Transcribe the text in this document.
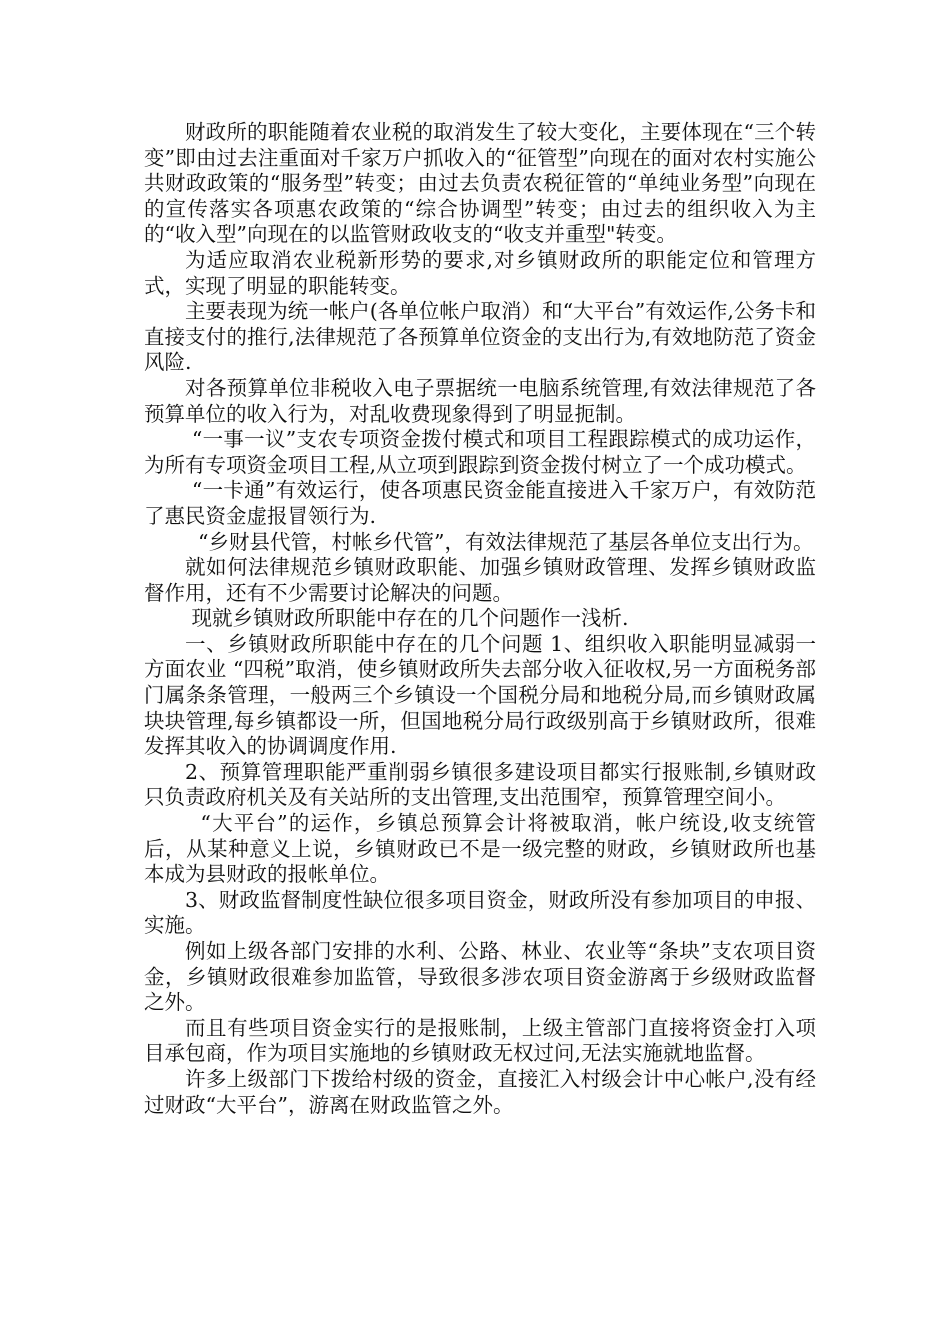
财政所的职能随着农业税的取消发生了较大变化，主要体现在“三个转变”即由过去注重面对千家万户抓收入的“征管型”向现在的面对农村实施公共财政政策的“服务型”转变；由过去负责农税征管的“单纯业务型”向现在的宣传落实各项惠农政策的“综合协调型”转变；由过去的组织收入为主的“收入型”向现在的以监管财政收支的“收支并重型"转变。

为适应取消农业税新形势的要求,对乡镇财政所的职能定位和管理方式，实现了明显的职能转变。

主要表现为统一帐户(各单位帐户取消）和“大平台”有效运作,公务卡和直接支付的推行,法律规范了各预算单位资金的支出行为,有效地防范了资金风险.

对各预算单位非税收入电子票据统一电脑系统管理,有效法律规范了各预算单位的收入行为，对乱收费现象得到了明显扼制。

“一事一议”支农专项资金拨付模式和项目工程跟踪模式的成功运作，为所有专项资金项目工程,从立项到跟踪到资金拨付树立了一个成功模式。

“一卡通”有效运行，使各项惠民资金能直接进入千家万户，有效防范了惠民资金虚报冒领行为.

“乡财县代管，村帐乡代管”，有效法律规范了基层各单位支出行为。

就如何法律规范乡镇财政职能、加强乡镇财政管理、发挥乡镇财政监督作用，还有不少需要讨论解决的问题。

现就乡镇财政所职能中存在的几个问题作一浅析.

一、乡镇财政所职能中存在的几个问题 1、组织收入职能明显减弱一方面农业 “四税”取消，使乡镇财政所失去部分收入征收权,另一方面税务部门属条条管理，一般两三个乡镇设一个国税分局和地税分局,而乡镇财政属块块管理,每乡镇都设一所，但国地税分局行政级别高于乡镇财政所，很难发挥其收入的协调调度作用.

2、预算管理职能严重削弱乡镇很多建设项目都实行报账制,乡镇财政只负责政府机关及有关站所的支出管理,支出范围窄，预算管理空间小。

“大平台”的运作，乡镇总预算会计将被取消，帐户统设,收支统管后，从某种意义上说，乡镇财政已不是一级完整的财政，乡镇财政所也基本成为县财政的报帐单位。

3、财政监督制度性缺位很多项目资金，财政所没有参加项目的申报、实施。

例如上级各部门安排的水利、公路、林业、农业等“条块”支农项目资金，乡镇财政很难参加监管，导致很多涉农项目资金游离于乡级财政监督之外。

而且有些项目资金实行的是报账制，上级主管部门直接将资金打入项目承包商，作为项目实施地的乡镇财政无权过问,无法实施就地监督。

许多上级部门下拨给村级的资金，直接汇入村级会计中心帐户,没有经过财政“大平台”，游离在财政监管之外。
